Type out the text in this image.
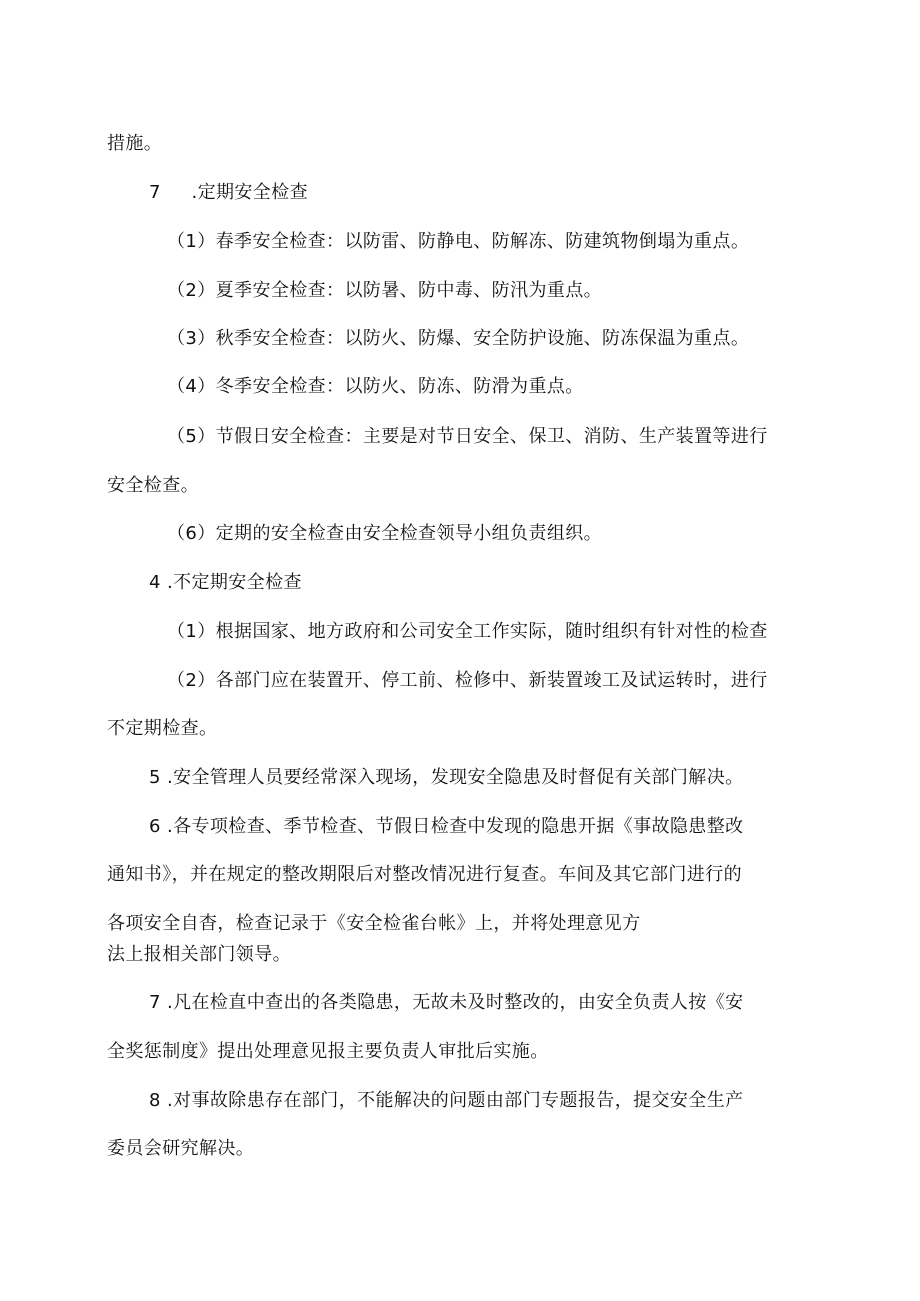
措施。
7     .定期安全检查
（1）春季安全检查：以防雷、防静电、防解冻、防建筑物倒塌为重点。
（2）夏季安全检查：以防暑、防中毒、防汛为重点。
（3）秋季安全检查：以防火、防爆、安全防护设施、防冻保温为重点。
（4）冬季安全检查：以防火、防冻、防滑为重点。
（5）节假日安全检查：主要是对节日安全、保卫、消防、生产装置等进行
安全检查。
（6）定期的安全检查由安全检查领导小组负责组织。
4 .不定期安全检查
（1）根据国家、地方政府和公司安全工作实际，随时组织有针对性的检查
（2）各部门应在装置开、停工前、检修中、新装置竣工及试运转时，进行
不定期检查。
5 .安全管理人员要经常深入现场，发现安全隐患及时督促有关部门解决。
6 .各专项检查、季节检查、节假日检查中发现的隐患开据《事故隐患整改
通知书》，并在规定的整改期限后对整改情况进行复查。车间及其它部门进行的
各项安全自杳，检查记录于《安全检雀台帐》上，并将处理意见方
法上报相关部门领导。
7 .凡在检直中查出的各类隐患，无故未及时整改的，由安全负责人按《安
全奖惩制度》提出处理意见报主要负责人审批后实施。
8 .对事故除患存在部门，不能解决的问题由部门专题报告，提交安全生产
委员会研究解决。
